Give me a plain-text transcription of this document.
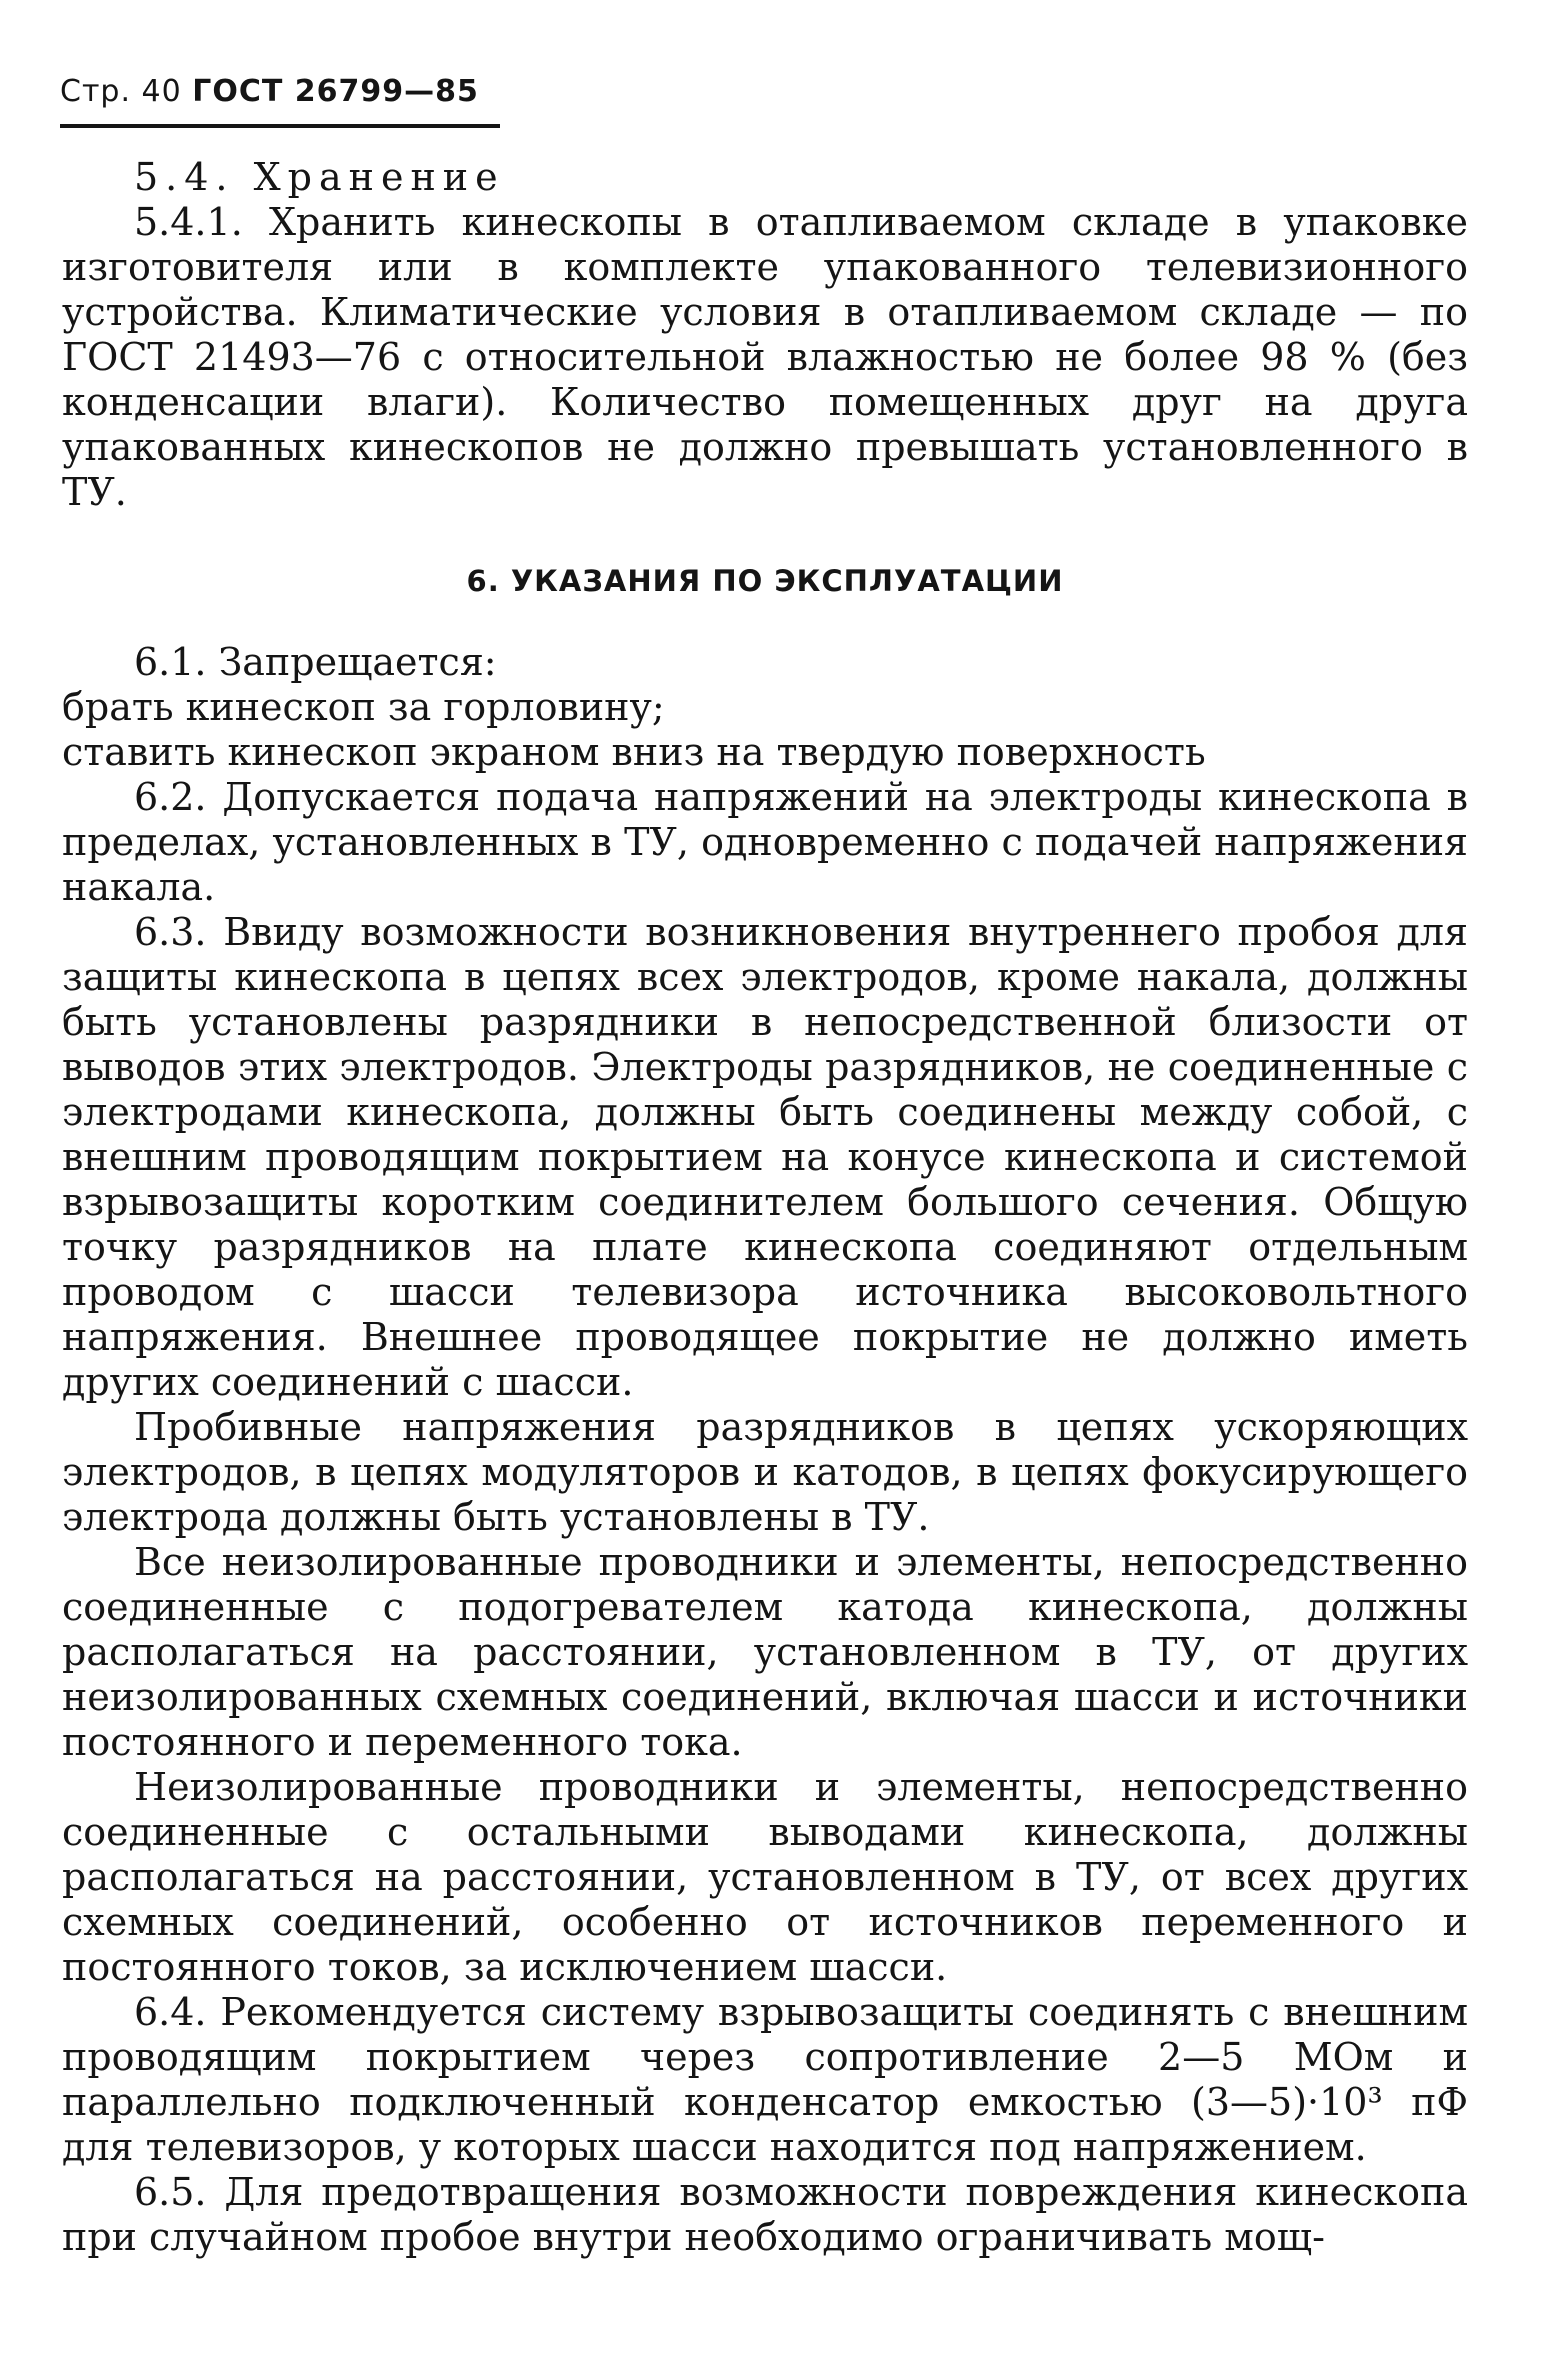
Стр. 40 ГОСТ 26799—85

5.4. Хранение

5.4.1. Хранить кинескопы в отапливаемом складе в упаковке изготовителя или в комплекте упакованного телевизионного устройства. Климатические условия в отапливаемом складе — по ГОСТ 21493—76 с относительной влажностью не более 98 % (без конденсации влаги). Количество помещенных друг на друга упакованных кинескопов не должно превышать установленного в ТУ.

6. УКАЗАНИЯ ПО ЭКСПЛУАТАЦИИ

6.1. Запрещается:

брать кинескоп за горловину;

ставить кинескоп экраном вниз на твердую поверхность

6.2. Допускается подача напряжений на электроды кинескопа в пределах, установленных в ТУ, одновременно с подачей напряжения накала.

6.3. Ввиду возможности возникновения внутреннего пробоя для защиты кинескопа в цепях всех электродов, кроме накала, должны быть установлены разрядники в непосредственной близости от выводов этих электродов. Электроды разрядников, не соединенные с электродами кинескопа, должны быть соединены между собой, с внешним проводящим покрытием на конусе кинескопа и системой взрывозащиты коротким соединителем большого сечения. Общую точку разрядников на плате кинескопа соединяют отдельным проводом с шасси телевизора источника высоковольтного напряжения. Внешнее проводящее покрытие не должно иметь других соединений с шасси.

Пробивные напряжения разрядников в цепях ускоряющих электродов, в цепях модуляторов и катодов, в цепях фокусирующего электрода должны быть установлены в ТУ.

Все неизолированные проводники и элементы, непосредственно соединенные с подогревателем катода кинескопа, должны располагаться на расстоянии, установленном в ТУ, от других неизолированных схемных соединений, включая шасси и источники постоянного и переменного тока.

Неизолированные проводники и элементы, непосредственно соединенные с остальными выводами кинескопа, должны располагаться на расстоянии, установленном в ТУ, от всех других схемных соединений, особенно от источников переменного и постоянного токов, за исключением шасси.

6.4. Рекомендуется систему взрывозащиты соединять с внешним проводящим покрытием через сопротивление 2—5 МОм и параллельно подключенный конденсатор емкостью (3—5)·10³ пФ для телевизоров, у которых шасси находится под напряжением.

6.5. Для предотвращения возможности повреждения кинескопа при случайном пробое внутри необходимо ограничивать мощ-
